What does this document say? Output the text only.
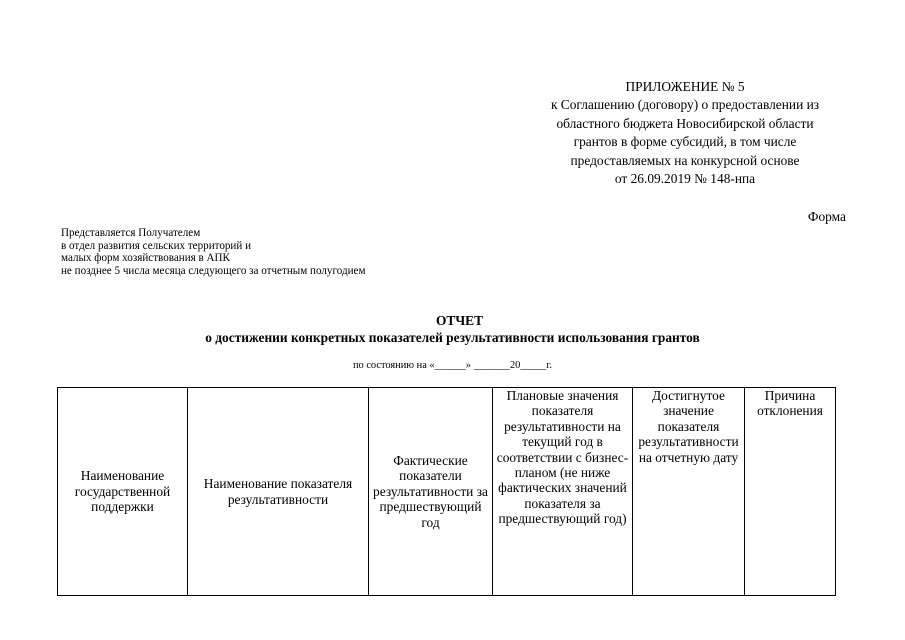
ПРИЛОЖЕНИЕ № 5
к Соглашению (договору) о предоставлении из
областного бюджета Новосибирской области
грантов в форме субсидий, в том числе
предоставляемых на конкурсной основе
от 26.09.2019 № 148-нпа
Форма
Представляется Получателем
в отдел развития сельских территорий и
малых форм хозяйствования в АПК
не позднее 5 числа месяца следующего за отчетным полугодием
ОТЧЕТ
о достижении конкретных показателей результативности использования грантов
по состоянию на «______» _______20_____г.
Наименование государственной поддержки	Наименование показателя результативности	Фактические показатели результативности за предшествующий год	Плановые значения показателя результативности на текущий год в соответствии с бизнес-планом (не ниже фактических значений показателя за предшествующий год)	Достигнутое значение показателя результативности на отчетную дату	Причина отклонения
